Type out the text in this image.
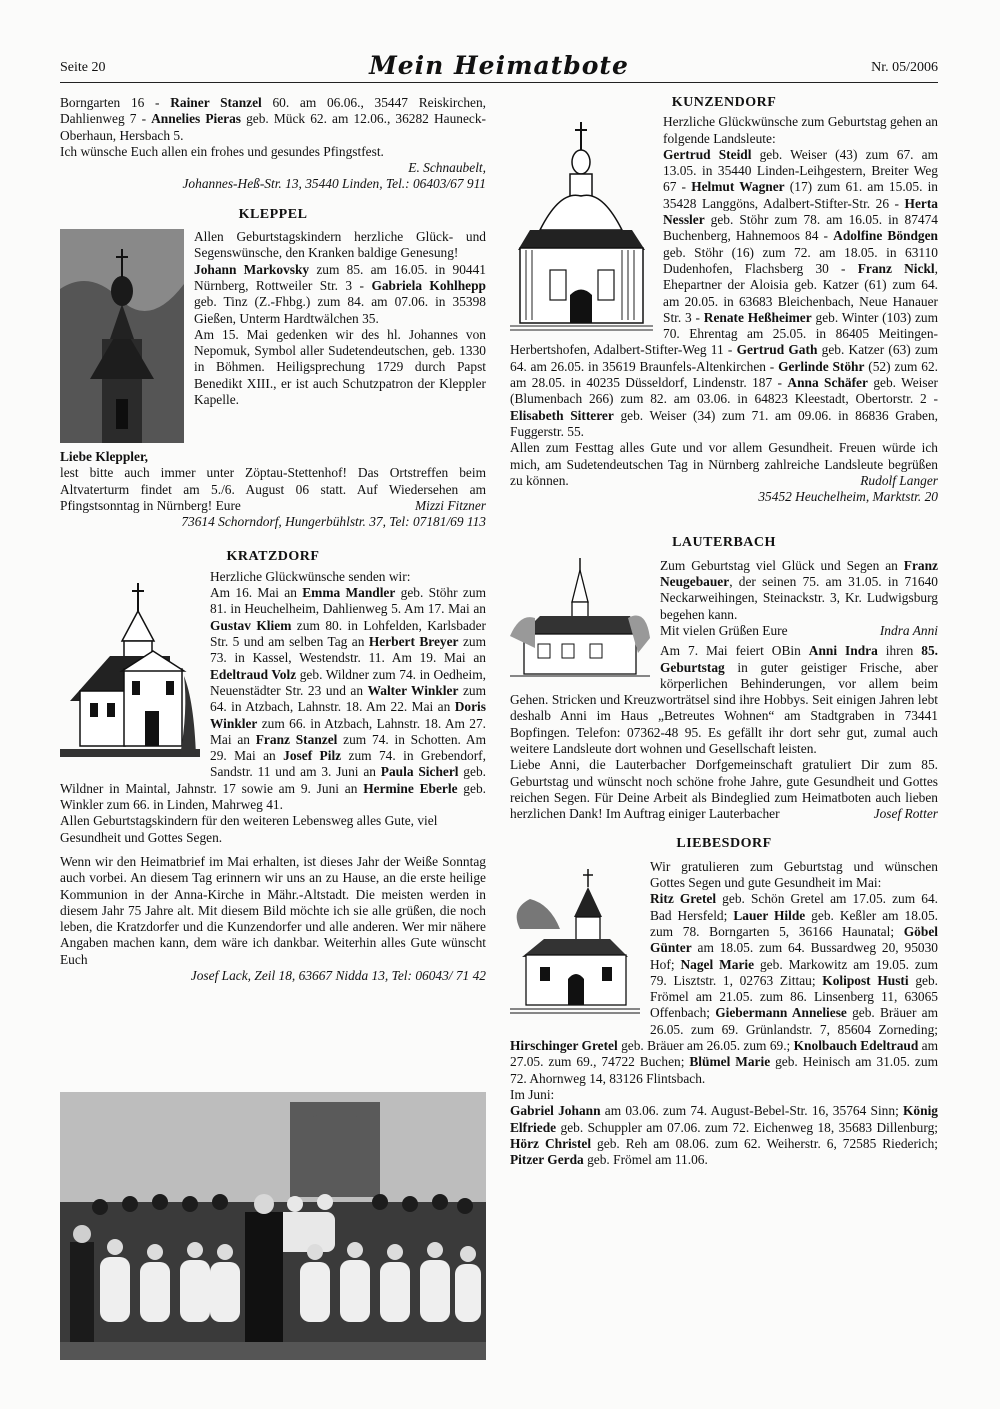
Seite 20	Mein Heimatbote	Nr. 05/2006

Borngarten 16 - Rainer Stanzel 60. am 06.06., 35447 Reiskirchen, Dahlienweg 7 - Annelies Pieras geb. Mück 62. am 12.06., 36282 Hauneck-Oberhaun, Hersbach 5.

Ich wünsche Euch allen ein frohes und gesundes Pfingstfest.

E. Schnaubelt,

Johannes-Heß-Str. 13, 35440 Linden, Tel.: 06403/67 911

KLEPPEL

Allen Geburtstagskindern herzliche Glück- und Segenswünsche, den Kranken baldige Genesung!

Johann Markovsky zum 85. am 16.05. in 90441 Nürnberg, Rottweiler Str. 3 - Gabriela Kohlhepp geb. Tinz (Z.-Fhbg.) zum 84. am 07.06. in 35398 Gießen, Unterm Hardtwälchen 35.

Am 15. Mai gedenken wir des hl. Johannes von Nepomuk, Symbol aller Sudetendeutschen, geb. 1330 in Böhmen. Heiligsprechung 1729 durch Papst Benedikt XIII., er ist auch Schutzpatron der Kleppler Kapelle.

Liebe Kleppler,

lest bitte auch immer unter Zöptau-Stettenhof! Das Ortstreffen beim Altvaterturm findet am 5./6. August 06 statt. Auf Wiedersehen am Pfingstsonntag in Nürnberg! Eure	Mizzi Fitzner

73614 Schorndorf, Hungerbühlstr. 37, Tel: 07181/69 113

KRATZDORF

Herzliche Glückwünsche senden wir:

Am 16. Mai an Emma Mandler geb. Stöhr zum 81. in Heuchelheim, Dahlienweg 5. Am 17. Mai an Gustav Kliem zum 80. in Lohfelden, Karlsbader Str. 5 und am selben Tag an Herbert Breyer zum 73. in Kassel, Westendstr. 11. Am 19. Mai an Edeltraud Volz geb. Wildner zum 74. in Oedheim, Neuenstädter Str. 23 und an Walter Winkler zum 64. in Atzbach, Lahnstr. 18. Am 22. Mai an Doris Winkler zum 66. in Atzbach, Lahnstr. 18. Am 27. Mai an Franz Stanzel zum 74. in Schotten. Am 29. Mai an Josef Pilz zum 74. in Grebendorf, Sandstr. 11 und am 3. Juni an Paula Sicherl geb. Wildner in Maintal, Jahnstr. 17 sowie am 9. Juni an Hermine Eberle geb. Winkler zum 66. in Linden, Mahrweg 41.

Allen Geburtstagskindern für den weiteren Lebensweg alles Gute, viel Gesundheit und Gottes Segen.

Wenn wir den Heimatbrief im Mai erhalten, ist dieses Jahr der Weiße Sonntag auch vorbei. An diesem Tag erinnern wir uns an zu Hause, an die erste heilige Kommunion in der Anna-Kirche in Mähr.-Altstadt. Die meisten werden in diesem Jahr 75 Jahre alt. Mit diesem Bild möchte ich sie alle grüßen, die noch leben, die Kratzdorfer und die Kunzendorfer und alle anderen. Wer mir nähere Angaben machen kann, dem wäre ich dankbar. Weiterhin alles Gute wünscht Euch

Josef Lack, Zeil 18, 63667 Nidda 13, Tel: 06043/ 71 42

KUNZENDORF

Herzliche Glückwünsche zum Geburtstag gehen an folgende Landsleute:

Gertrud Steidl geb. Weiser (43) zum 67. am 13.05. in 35440 Linden-Leihgestern, Breiter Weg 67 - Helmut Wagner (17) zum 61. am 15.05. in 35428 Langgöns, Adalbert-Stifter-Str. 26 - Herta Nessler geb. Stöhr zum 78. am 16.05. in 87474 Buchenberg, Hahnemoos 84 - Adolfine Böndgen geb. Stöhr (16) zum 72. am 18.05. in 63110 Dudenhofen, Flachsberg 30 - Franz Nickl, Ehepartner der Aloisia geb. Katzer (61) zum 64. am 20.05. in 63683 Bleichenbach, Neue Hanauer Str. 3 - Renate Heßheimer geb. Winter (103) zum 70. Ehrentag am 25.05. in 86405 Meitingen-Herbertshofen, Adalbert-Stifter-Weg 11 - Gertrud Gath geb. Katzer (63) zum 64. am 26.05. in 35619 Braunfels-Altenkirchen - Gerlinde Stöhr (52) zum 62. am 28.05. in 40235 Düsseldorf, Lindenstr. 187 - Anna Schäfer geb. Weiser (Blumenbach 266) zum 82. am 03.06. in 64823 Kleestadt, Obertorstr. 2 - Elisabeth Sitterer geb. Weiser (34) zum 71. am 09.06. in 86836 Graben, Fuggerstr. 55.

Allen zum Festtag alles Gute und vor allem Gesundheit. Freuen würde ich mich, am Sudetendeutschen Tag in Nürnberg zahlreiche Landsleute begrüßen zu können.	Rudolf Langer

35452 Heuchelheim, Marktstr. 20

LAUTERBACH

Zum Geburtstag viel Glück und Segen an Franz Neugebauer, der seinen 75. am 31.05. in 71640 Neckarweihingen, Steinackstr. 3, Kr. Ludwigsburg begehen kann.

Mit vielen Grüßen Eure	Indra Anni

Am 7. Mai feiert OBin Anni Indra ihren 85. Geburtstag in guter geistiger Frische, aber körperlichen Behinderungen, vor allem beim Gehen. Stricken und Kreuzworträtsel sind ihre Hobbys. Seit einigen Jahren lebt deshalb Anni im Haus „Betreutes Wohnen“ am Stadtgraben in 73441 Bopfingen. Telefon: 07362-48 95. Es gefällt ihr dort sehr gut, zumal auch weitere Landsleute dort wohnen und Gesellschaft leisten.

Liebe Anni, die Lauterbacher Dorfgemeinschaft gratuliert Dir zum 85. Geburtstag und wünscht noch schöne frohe Jahre, gute Gesundheit und Gottes reichen Segen. Für Deine Arbeit als Bindeglied zum Heimatboten auch lieben herzlichen Dank! Im Auftrag einiger Lauterbacher	Josef Rotter

LIEBESDORF

Wir gratulieren zum Geburtstag und wünschen Gottes Segen und gute Gesundheit im Mai:

Ritz Gretel geb. Schön Gretel am 17.05. zum 64. Bad Hersfeld; Lauer Hilde geb. Keßler am 18.05. zum 78. Borngarten 5, 36166 Haunatal; Göbel Günter am 18.05. zum 64. Bussardweg 20, 95030 Hof; Nagel Marie geb. Markowitz am 19.05. zum 79. Lisztstr. 1, 02763 Zittau; Kolipost Husti geb. Frömel am 21.05. zum 86. Linsenberg 11, 63065 Offenbach; Giebermann Anneliese geb. Bräuer am 26.05. zum 69. Grünlandstr. 7, 85604 Zorneding; Hirschinger Gretel geb. Bräuer am 26.05. zum 69.; Knolbauch Edeltraud am 27.05. zum 69., 74722 Buchen; Blümel Marie geb. Heinisch am 31.05. zum 72. Ahornweg 14, 83126 Flintsbach.

Im Juni:

Gabriel Johann am 03.06. zum 74. August-Bebel-Str. 16, 35764 Sinn; König Elfriede geb. Schuppler am 07.06. zum 72. Eichenweg 18, 35683 Dillenburg; Hörz Christel geb. Reh am 08.06. zum 62. Weiherstr. 6, 72585 Riederich; Pitzer Gerda geb. Frömel am 11.06.
